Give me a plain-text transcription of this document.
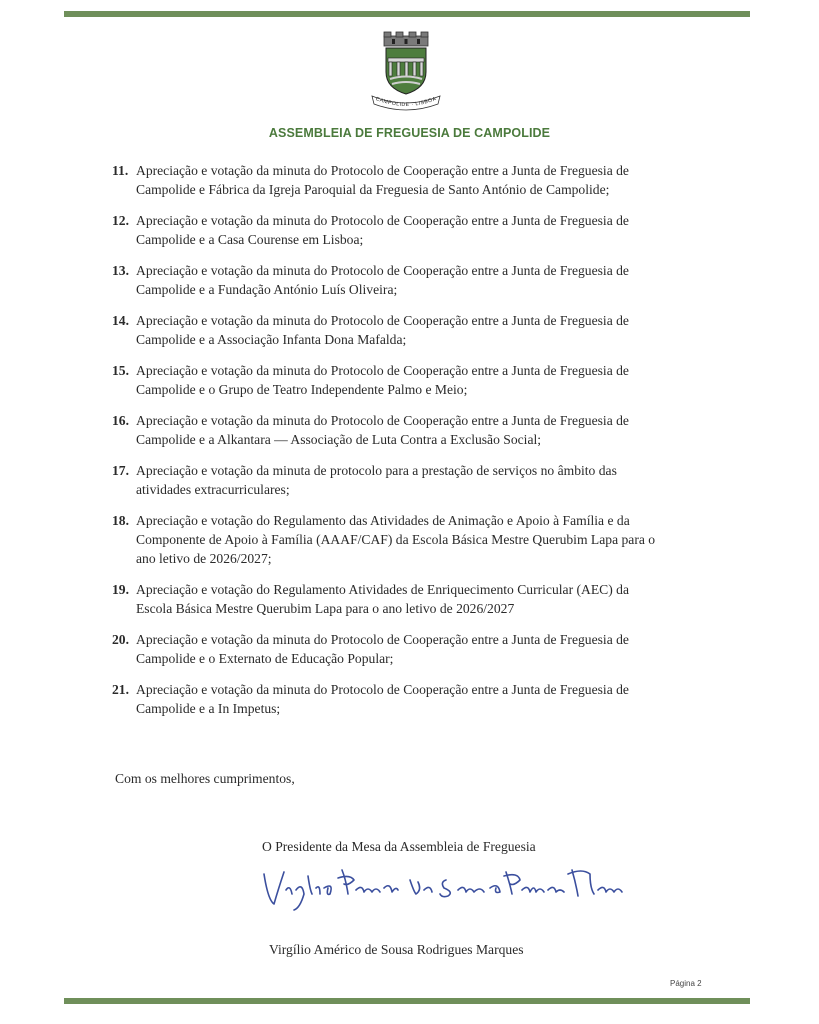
CAMPOLIDE · LISBOA
ASSEMBLEIA DE FREGUESIA DE CAMPOLIDE
11. Apreciação e votação da minuta do Protocolo de Cooperação entre a Junta de Freguesia de
Campolide e Fábrica da Igreja Paroquial da Freguesia de Santo António de Campolide;
12. Apreciação e votação da minuta do Protocolo de Cooperação entre a Junta de Freguesia de
Campolide e a Casa Courense em Lisboa;
13. Apreciação e votação da minuta do Protocolo de Cooperação entre a Junta de Freguesia de
Campolide e a Fundação António Luís Oliveira;
14. Apreciação e votação da minuta do Protocolo de Cooperação entre a Junta de Freguesia de
Campolide e a Associação Infanta Dona Mafalda;
15. Apreciação e votação da minuta do Protocolo de Cooperação entre a Junta de Freguesia de
Campolide e o Grupo de Teatro Independente Palmo e Meio;
16. Apreciação e votação da minuta do Protocolo de Cooperação entre a Junta de Freguesia de
Campolide e a Alkantara — Associação de Luta Contra a Exclusão Social;
17. Apreciação e votação da minuta de protocolo para a prestação de serviços no âmbito das
atividades extracurriculares;
18. Apreciação e votação do Regulamento das Atividades de Animação e Apoio à Família e da
Componente de Apoio à Família (AAAF/CAF) da Escola Básica Mestre Querubim Lapa para o
ano letivo de 2026/2027;
19. Apreciação e votação do Regulamento Atividades de Enriquecimento Curricular (AEC) da
Escola Básica Mestre Querubim Lapa para o ano letivo de 2026/2027
20. Apreciação e votação da minuta do Protocolo de Cooperação entre a Junta de Freguesia de
Campolide e o Externato de Educação Popular;
21. Apreciação e votação da minuta do Protocolo de Cooperação entre a Junta de Freguesia de
Campolide e a In Impetus;
Com os melhores cumprimentos,
O Presidente da Mesa da Assembleia de Freguesia
Virgílio Américo de Sousa Rodrigues Marques
Virgílio Américo de Sousa Rodrigues Marques
Página 2
